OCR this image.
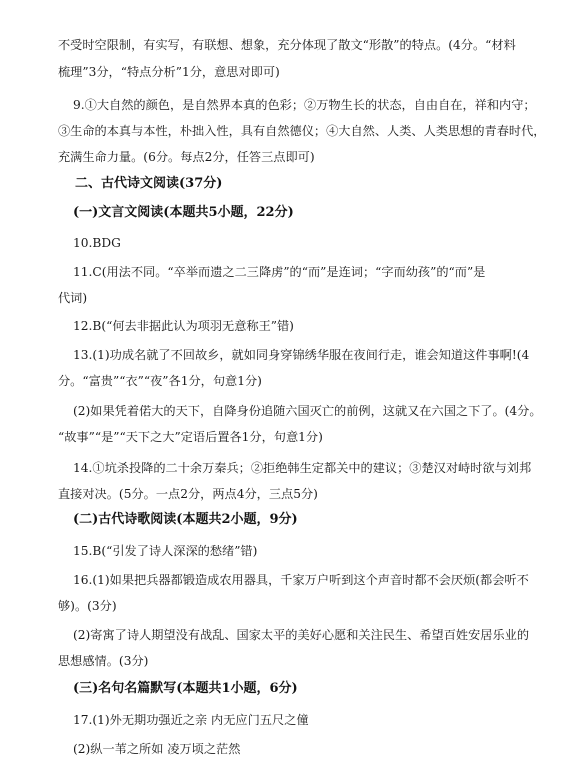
不受时空限制，有实写，有联想、想象，充分体现了散文“形散”的特点。(4分。“材料
梳理”3分，“特点分析”1分，意思对即可)
9.①大自然的颜色，是自然界本真的色彩；②万物生长的状态，自由自在，祥和内守；
③生命的本真与本性，朴拙入性，具有自然德仪；④大自然、人类、人类思想的青春时代，
充满生命力量。(6分。每点2分，任答三点即可)
二、古代诗文阅读(37分)
(一)文言文阅读(本题共5小题，22分)
10.BDG
11.C(用法不同。“卒举而遗之二三降虏”的“而”是连词；“字而幼孩”的“而”是
代词)
12.B(“何去非据此认为项羽无意称王”错)
13.(1)功成名就了不回故乡，就如同身穿锦绣华服在夜间行走，谁会知道这件事啊!(4
分。“富贵”“衣”“夜”各1分，句意1分)
(2)如果凭着偌大的天下，自降身份追随六国灭亡的前例，这就又在六国之下了。(4分。
“故事”“是”“天下之大”定语后置各1分，句意1分)
14.①坑杀投降的二十余万秦兵；②拒绝韩生定都关中的建议；③楚汉对峙时欲与刘邦
直接对决。(5分。一点2分，两点4分，三点5分)
(二)古代诗歌阅读(本题共2小题，9分)
15.B(“引发了诗人深深的愁绪”错)
16.(1)如果把兵器都锻造成农用器具，千家万户听到这个声音时都不会厌烦(都会听不
够)。(3分)
(2)寄寓了诗人期望没有战乱、国家太平的美好心愿和关注民生、希望百姓安居乐业的
思想感情。(3分)
(三)名句名篇默写(本题共1小题，6分)
17.(1)外无期功强近之亲 内无应门五尺之僮
(2)纵一苇之所如 凌万顷之茫然
